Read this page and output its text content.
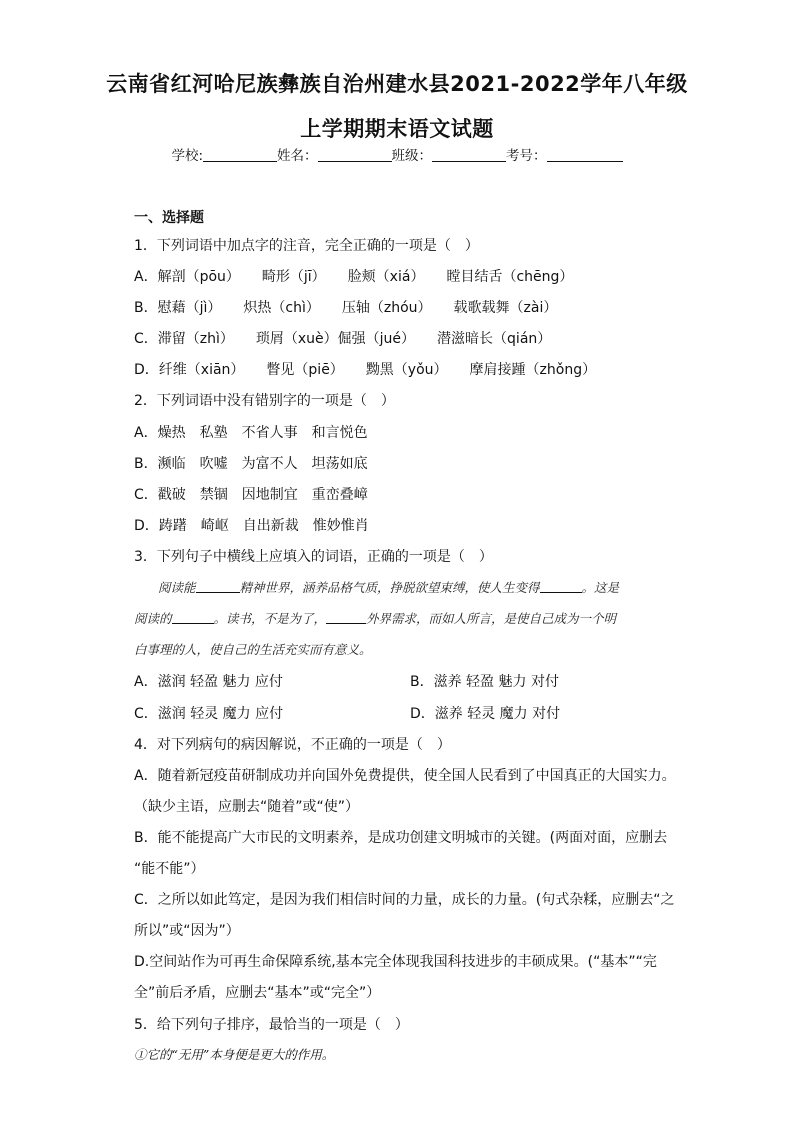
云南省红河哈尼族彝族自治州建水县2021-2022学年八年级
上学期期末语文试题
学校:	姓名：	班级：	考号：
一、选择题
1．下列词语中加点字的注音，完全正确的一项是（　）
A．解剖（pōu） 畸形（jī） 脸颊（xiá） 瞠目结舌（chēng）
B．慰藉（jì） 炽热（chì） 压轴（zhóu） 载歌载舞（zài）
C．滞留（zhì） 琐屑（xuè）倔强（jué） 潜滋暗长（qián）
D．纤维（xiān） 瞥见（piē） 黝黑（yǒu） 摩肩接踵（zhǒng）
2．下列词语中没有错别字的一项是（　）
A．燥热　私塾　不省人事　和言悦色
B．濒临　吹嘘　为富不人　坦荡如底
C．戳破　禁锢　因地制宜　重峦叠嶂
D．踌躇　崎岖　自出新裁　惟妙惟肖
3．下列句子中横线上应填入的词语，正确的一项是（　）
阅读能	精神世界，涵养品格气质，挣脱欲望束缚，使人生变得	。这是
阅读的	。读书，不是为了，	外界需求，而如人所言，是使自己成为一个明
白事理的人，使自己的生活充实而有意义。
A．滋润 轻盈 魅力 应付	B．滋养 轻盈 魅力 对付
C．滋润 轻灵 魔力 应付	D．滋养 轻灵 魔力 对付
4．对下列病句的病因解说，不正确的一项是（　）
A．随着新冠疫苗研制成功并向国外免费提供，使全国人民看到了中国真正的大国实力。
（缺少主语，应删去“随着”或“使”）
B．能不能提高广大市民的文明素养，是成功创建文明城市的关键。(两面对面，应删去
“能不能”）
C．之所以如此笃定，是因为我们相信时间的力量，成长的力量。(句式杂糅，应删去“之
所以”或“因为”）
D.空间站作为可再生命保障系统,基本完全体现我国科技进步的丰硕成果。(“基本”“完
全”前后矛盾，应删去“基本”或“完全”）
5．给下列句子排序，最恰当的一项是（　）
①它的“无用”本身便是更大的作用。
